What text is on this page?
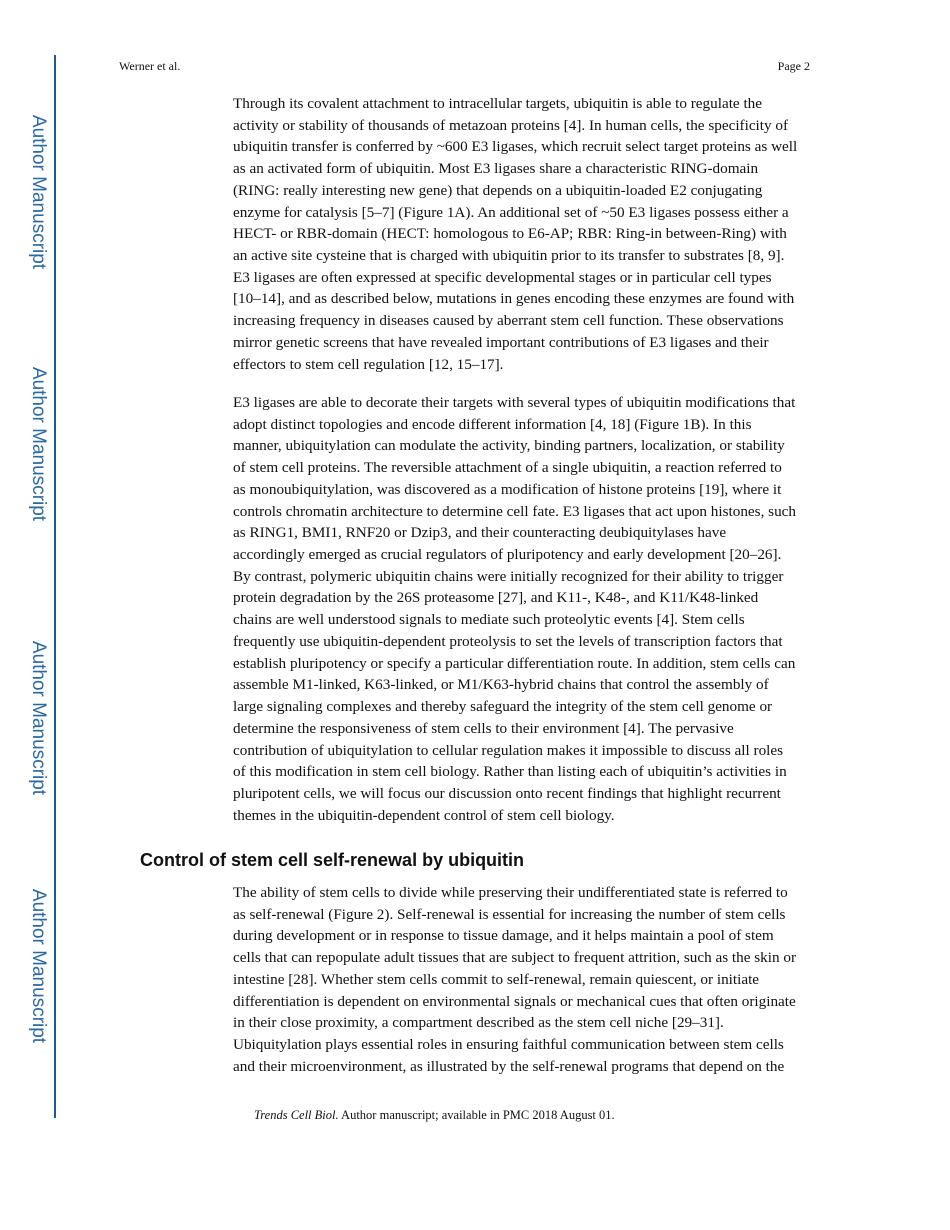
Author Manuscript
Author Manuscript
Author Manuscript
Author Manuscript
Werner et al.	Page 2
Through its covalent attachment to intracellular targets, ubiquitin is able to regulate the
activity or stability of thousands of metazoan proteins [4]. In human cells, the specificity of
ubiquitin transfer is conferred by ~600 E3 ligases, which recruit select target proteins as well
as an activated form of ubiquitin. Most E3 ligases share a characteristic RING-domain
(RING: really interesting new gene) that depends on a ubiquitin-loaded E2 conjugating
enzyme for catalysis [5–7] (Figure 1A). An additional set of ~50 E3 ligases possess either a
HECT- or RBR-domain (HECT: homologous to E6-AP; RBR: Ring-in between-Ring) with
an active site cysteine that is charged with ubiquitin prior to its transfer to substrates [8, 9].
E3 ligases are often expressed at specific developmental stages or in particular cell types
[10–14], and as described below, mutations in genes encoding these enzymes are found with
increasing frequency in diseases caused by aberrant stem cell function. These observations
mirror genetic screens that have revealed important contributions of E3 ligases and their
effectors to stem cell regulation [12, 15–17].
E3 ligases are able to decorate their targets with several types of ubiquitin modifications that
adopt distinct topologies and encode different information [4, 18] (Figure 1B). In this
manner, ubiquitylation can modulate the activity, binding partners, localization, or stability
of stem cell proteins. The reversible attachment of a single ubiquitin, a reaction referred to
as monoubiquitylation, was discovered as a modification of histone proteins [19], where it
controls chromatin architecture to determine cell fate. E3 ligases that act upon histones, such
as RING1, BMI1, RNF20 or Dzip3, and their counteracting deubiquitylases have
accordingly emerged as crucial regulators of pluripotency and early development [20–26].
By contrast, polymeric ubiquitin chains were initially recognized for their ability to trigger
protein degradation by the 26S proteasome [27], and K11-, K48-, and K11/K48-linked
chains are well understood signals to mediate such proteolytic events [4]. Stem cells
frequently use ubiquitin-dependent proteolysis to set the levels of transcription factors that
establish pluripotency or specify a particular differentiation route. In addition, stem cells can
assemble M1-linked, K63-linked, or M1/K63-hybrid chains that control the assembly of
large signaling complexes and thereby safeguard the integrity of the stem cell genome or
determine the responsiveness of stem cells to their environment [4]. The pervasive
contribution of ubiquitylation to cellular regulation makes it impossible to discuss all roles
of this modification in stem cell biology. Rather than listing each of ubiquitin’s activities in
pluripotent cells, we will focus our discussion onto recent findings that highlight recurrent
themes in the ubiquitin-dependent control of stem cell biology.
Control of stem cell self-renewal by ubiquitin
The ability of stem cells to divide while preserving their undifferentiated state is referred to
as self-renewal (Figure 2). Self-renewal is essential for increasing the number of stem cells
during development or in response to tissue damage, and it helps maintain a pool of stem
cells that can repopulate adult tissues that are subject to frequent attrition, such as the skin or
intestine [28]. Whether stem cells commit to self-renewal, remain quiescent, or initiate
differentiation is dependent on environmental signals or mechanical cues that often originate
in their close proximity, a compartment described as the stem cell niche [29–31].
Ubiquitylation plays essential roles in ensuring faithful communication between stem cells
and their microenvironment, as illustrated by the self-renewal programs that depend on the
Trends Cell Biol. Author manuscript; available in PMC 2018 August 01.
